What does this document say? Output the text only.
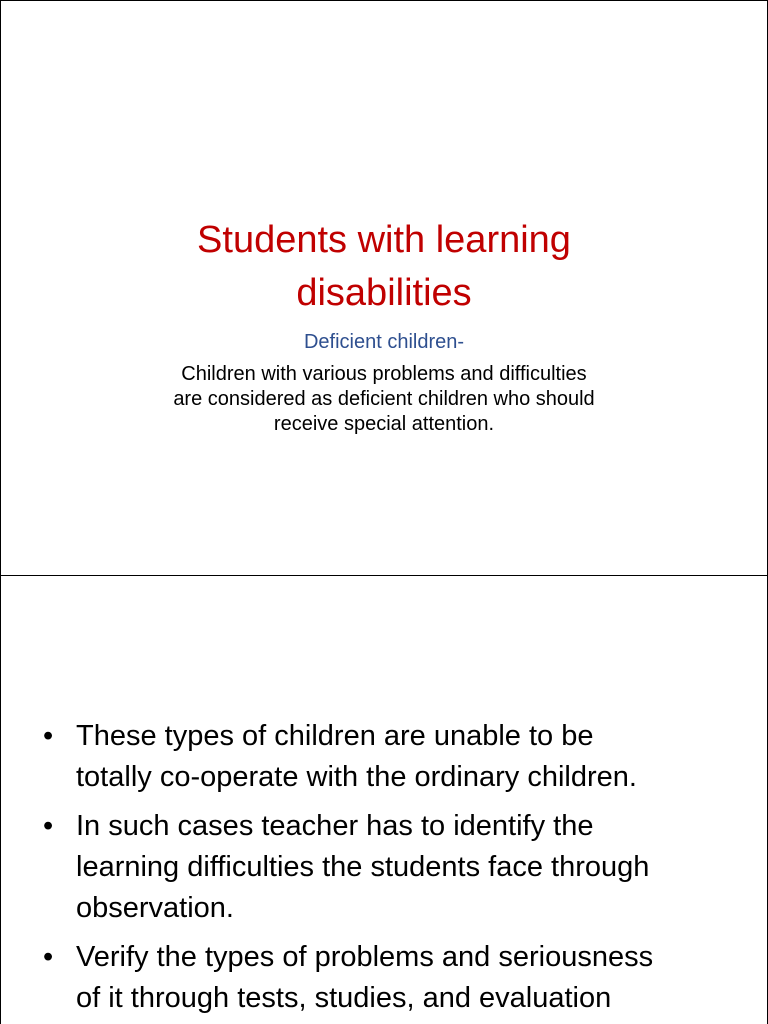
Students with learning
disabilities
Deficient children-
Children with various problems and difficulties
are considered as deficient children who should
receive special attention.
• These types of children are unable to be
totally co-operate with the ordinary children.
• In such cases teacher has to identify the
learning difficulties the students face through
observation.
• Verify the types of problems and seriousness
of it through tests, studies, and evaluation
